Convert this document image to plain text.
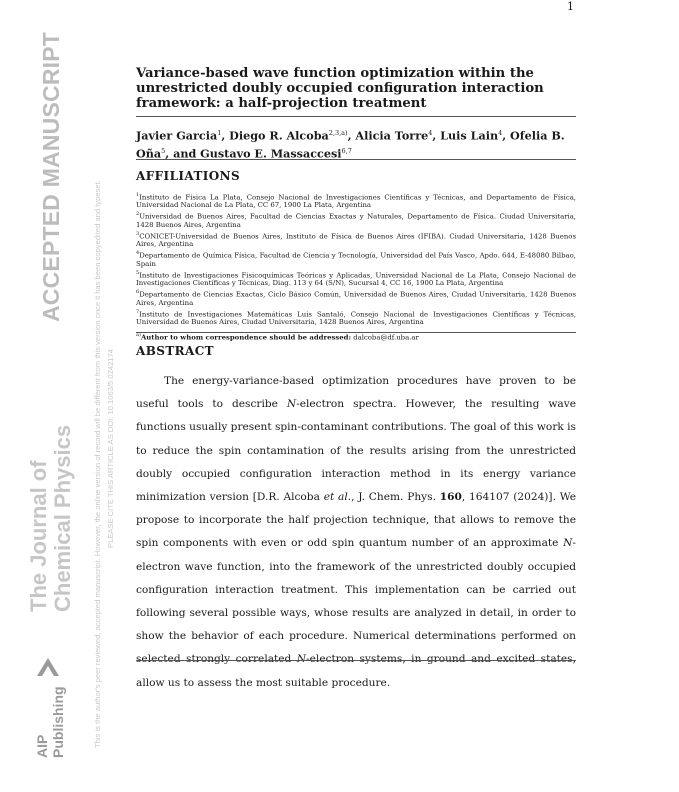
1
ACCEPTED MANUSCRIPT
The Journal of Chemical Physics
AIP Publishing	This is the author's peer reviewed, accepted manuscript. However, the online version of record will be different from this version once it has been copyedited and typeset. PLEASE CITE THIS ARTICLE AS DOI: 10.1063/5.0242174
Variance-based wave function optimization within the unrestricted doubly occupied configuration interaction framework: a half-projection treatment
Javier Garcia$^1$, Diego R. Alcoba$^{2,3,a)}$, Alicia Torre$^4$, Luis Lain$^4$, Ofelia B. Oña$^5$, and Gustavo E. Massaccesi$^{6,7}$
AFFILIATIONS

$^1$Instituto de Física La Plata, Consejo Nacional de Investigaciones Científicas y Técnicas, and Departamento de Física, Universidad Nacional de La Plata, CC 67, 1900 La Plata, Argentina

$^2$Universidad de Buenos Aires, Facultad de Ciencias Exactas y Naturales, Departamento de Física. Ciudad Universitaria, 1428 Buenos Aires, Argentina

$^3$CONICET-Universidad de Buenos Aires, Instituto de Física de Buenos Aires (IFIBA). Ciudad Universitaria, 1428 Buenos Aires, Argentina

$^4$Departamento de Química Física, Facultad de Ciencia y Tecnología, Universidad del País Vasco, Apdo. 644, E-48080 Bilbao, Spain

$^5$Instituto de Investigaciones Fisicoquímicas Teóricas y Aplicadas, Universidad Nacional de La Plata, Consejo Nacional de Investigaciones Científicas y Técnicas, Diag. 113 y 64 (S/N), Sucursal 4, CC 16, 1900 La Plata, Argentina

$^6$Departamento de Ciencias Exactas, Ciclo Básico Común, Universidad de Buenos Aires, Ciudad Universitaria, 1428 Buenos Aires, Argentina

$^7$Instituto de Investigaciones Matemáticas Luis Santaló, Consejo Nacional de Investigaciones Científicas y Técnicas, Universidad de Buenos Aires, Ciudad Universitaria, 1428 Buenos Aires, Argentina

$^{a)}$Author to whom correspondence should be addressed: dalcoba@df.uba.ar

ABSTRACT
The energy-variance-based optimization procedures have proven to be useful tools to describe N-electron spectra. However, the resulting wave functions usually present spin-contaminant contributions. The goal of this work is to reduce the spin contamination of the results arising from the unrestricted doubly occupied configuration interaction method in its energy variance minimization version [D.R. Alcoba et al., J. Chem. Phys. 160, 164107 (2024)]. We propose to incorporate the half projection technique, that allows to remove the spin components with even or odd spin quantum number of an approximate N-electron wave function, into the framework of the unrestricted doubly occupied configuration interaction treatment. This implementation can be carried out following several possible ways, whose results are analyzed in detail, in order to show the behavior of each procedure. Numerical determinations performed on selected strongly correlated N-electron systems, in ground and excited states, allow us to assess the most suitable procedure.
